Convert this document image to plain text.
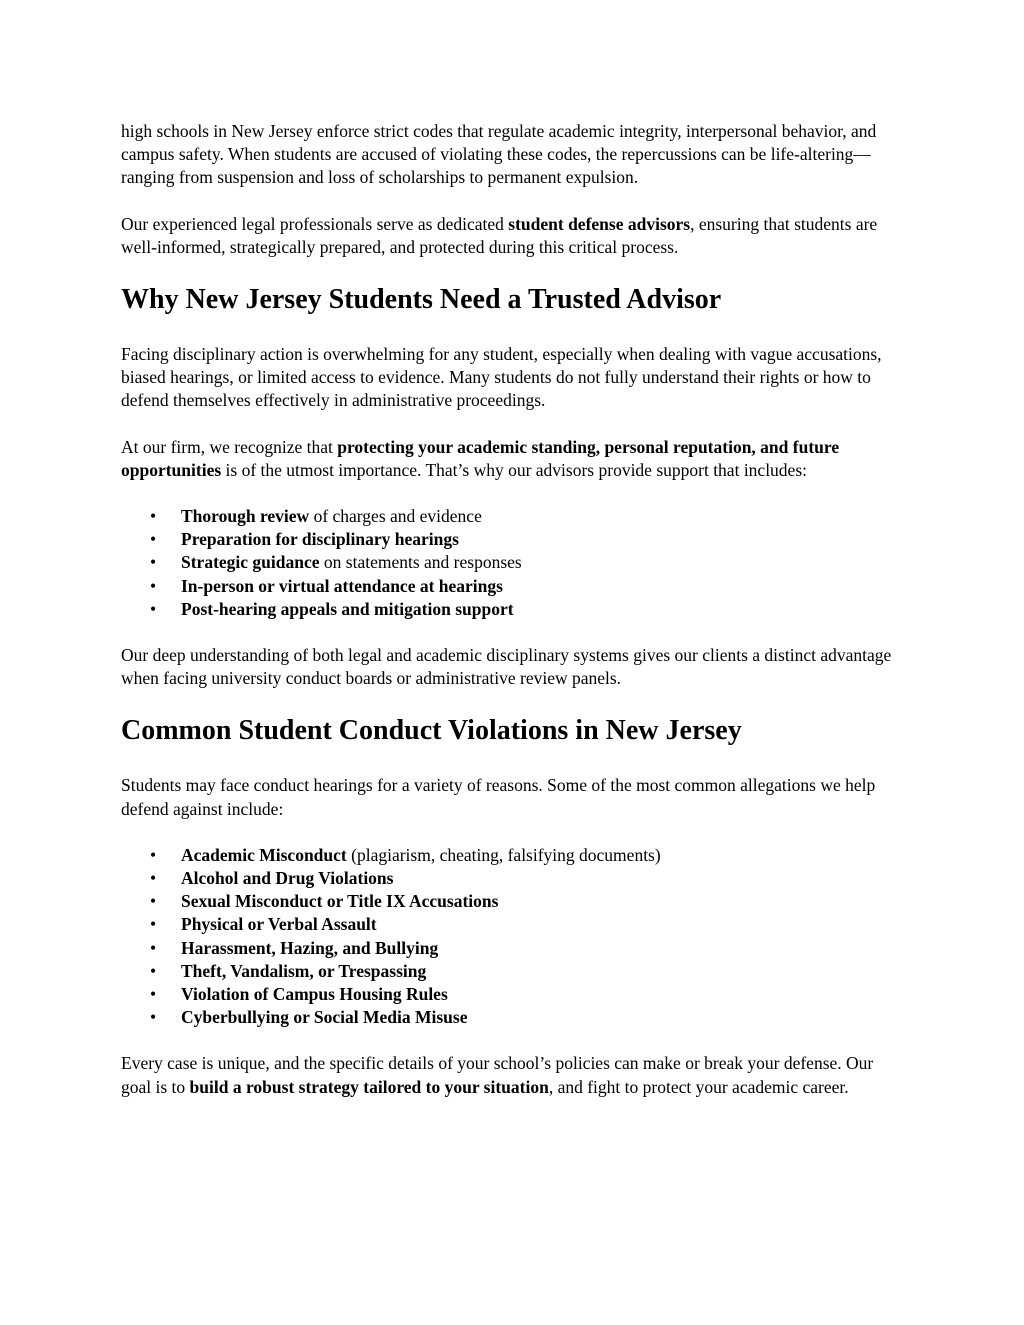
high schools in New Jersey enforce strict codes that regulate academic integrity, interpersonal behavior, and campus safety. When students are accused of violating these codes, the repercussions can be life-altering—ranging from suspension and loss of scholarships to permanent expulsion.

Our experienced legal professionals serve as dedicated student defense advisors, ensuring that students are well-informed, strategically prepared, and protected during this critical process.

Why New Jersey Students Need a Trusted Advisor

Facing disciplinary action is overwhelming for any student, especially when dealing with vague accusations, biased hearings, or limited access to evidence. Many students do not fully understand their rights or how to defend themselves effectively in administrative proceedings.

At our firm, we recognize that protecting your academic standing, personal reputation, and future opportunities is of the utmost importance. That’s why our advisors provide support that includes:

• Thorough review of charges and evidence
• Preparation for disciplinary hearings
• Strategic guidance on statements and responses
• In-person or virtual attendance at hearings
• Post-hearing appeals and mitigation support

Our deep understanding of both legal and academic disciplinary systems gives our clients a distinct advantage when facing university conduct boards or administrative review panels.

Common Student Conduct Violations in New Jersey

Students may face conduct hearings for a variety of reasons. Some of the most common allegations we help defend against include:

• Academic Misconduct (plagiarism, cheating, falsifying documents)
• Alcohol and Drug Violations
• Sexual Misconduct or Title IX Accusations
• Physical or Verbal Assault
• Harassment, Hazing, and Bullying
• Theft, Vandalism, or Trespassing
• Violation of Campus Housing Rules
• Cyberbullying or Social Media Misuse

Every case is unique, and the specific details of your school’s policies can make or break your defense. Our goal is to build a robust strategy tailored to your situation, and fight to protect your academic career.
